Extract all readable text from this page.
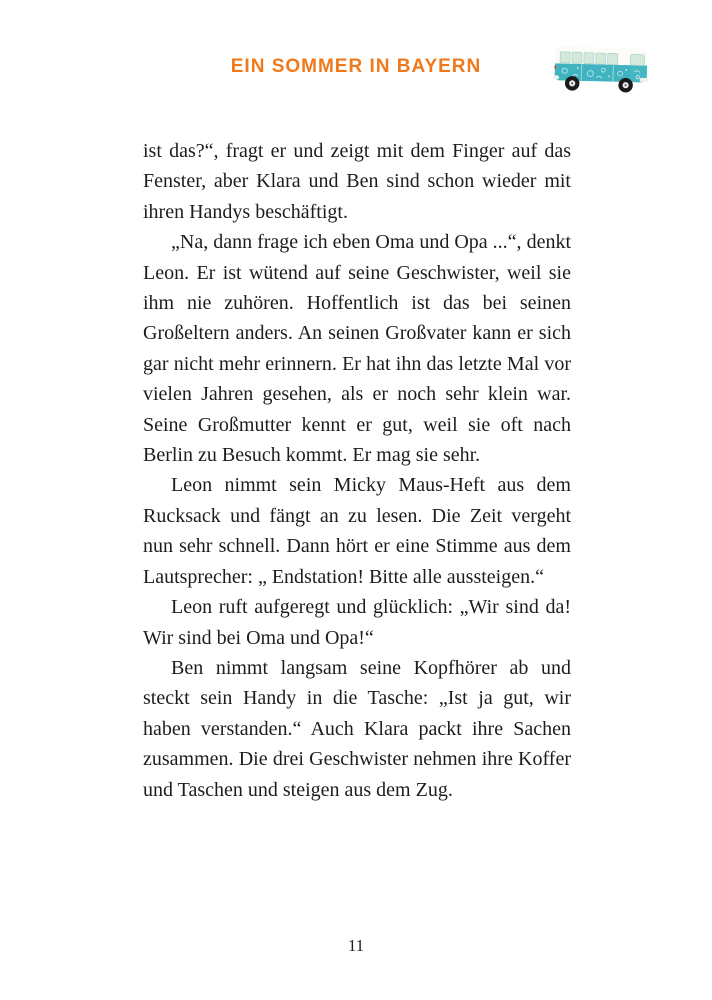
EIN SOMMER IN BAYERN

ist das?“, fragt er und zeigt mit dem Finger auf das Fenster, aber Klara und Ben sind schon wieder mit ihren Handys beschäftigt.

„Na, dann frage ich eben Oma und Opa ...“, denkt Leon. Er ist wütend auf seine Geschwister, weil sie ihm nie zuhören. Hoffentlich ist das bei seinen Großeltern anders. An seinen Großvater kann er sich gar nicht mehr erinnern. Er hat ihn das letzte Mal vor vielen Jahren gesehen, als er noch sehr klein war. Seine Großmutter kennt er gut, weil sie oft nach Berlin zu Besuch kommt. Er mag sie sehr.

Leon nimmt sein Micky Maus-Heft aus dem Rucksack und fängt an zu lesen. Die Zeit vergeht nun sehr schnell. Dann hört er eine Stimme aus dem Lautsprecher: „ Endstation! Bitte alle aussteigen.“

Leon ruft aufgeregt und glücklich: „Wir sind da! Wir sind bei Oma und Opa!“

Ben nimmt langsam seine Kopfhörer ab und steckt sein Handy in die Tasche: „Ist ja gut, wir haben verstanden.“ Auch Klara packt ihre Sachen zusammen. Die drei Geschwister nehmen ihre Koffer und Taschen und steigen aus dem Zug.

11
